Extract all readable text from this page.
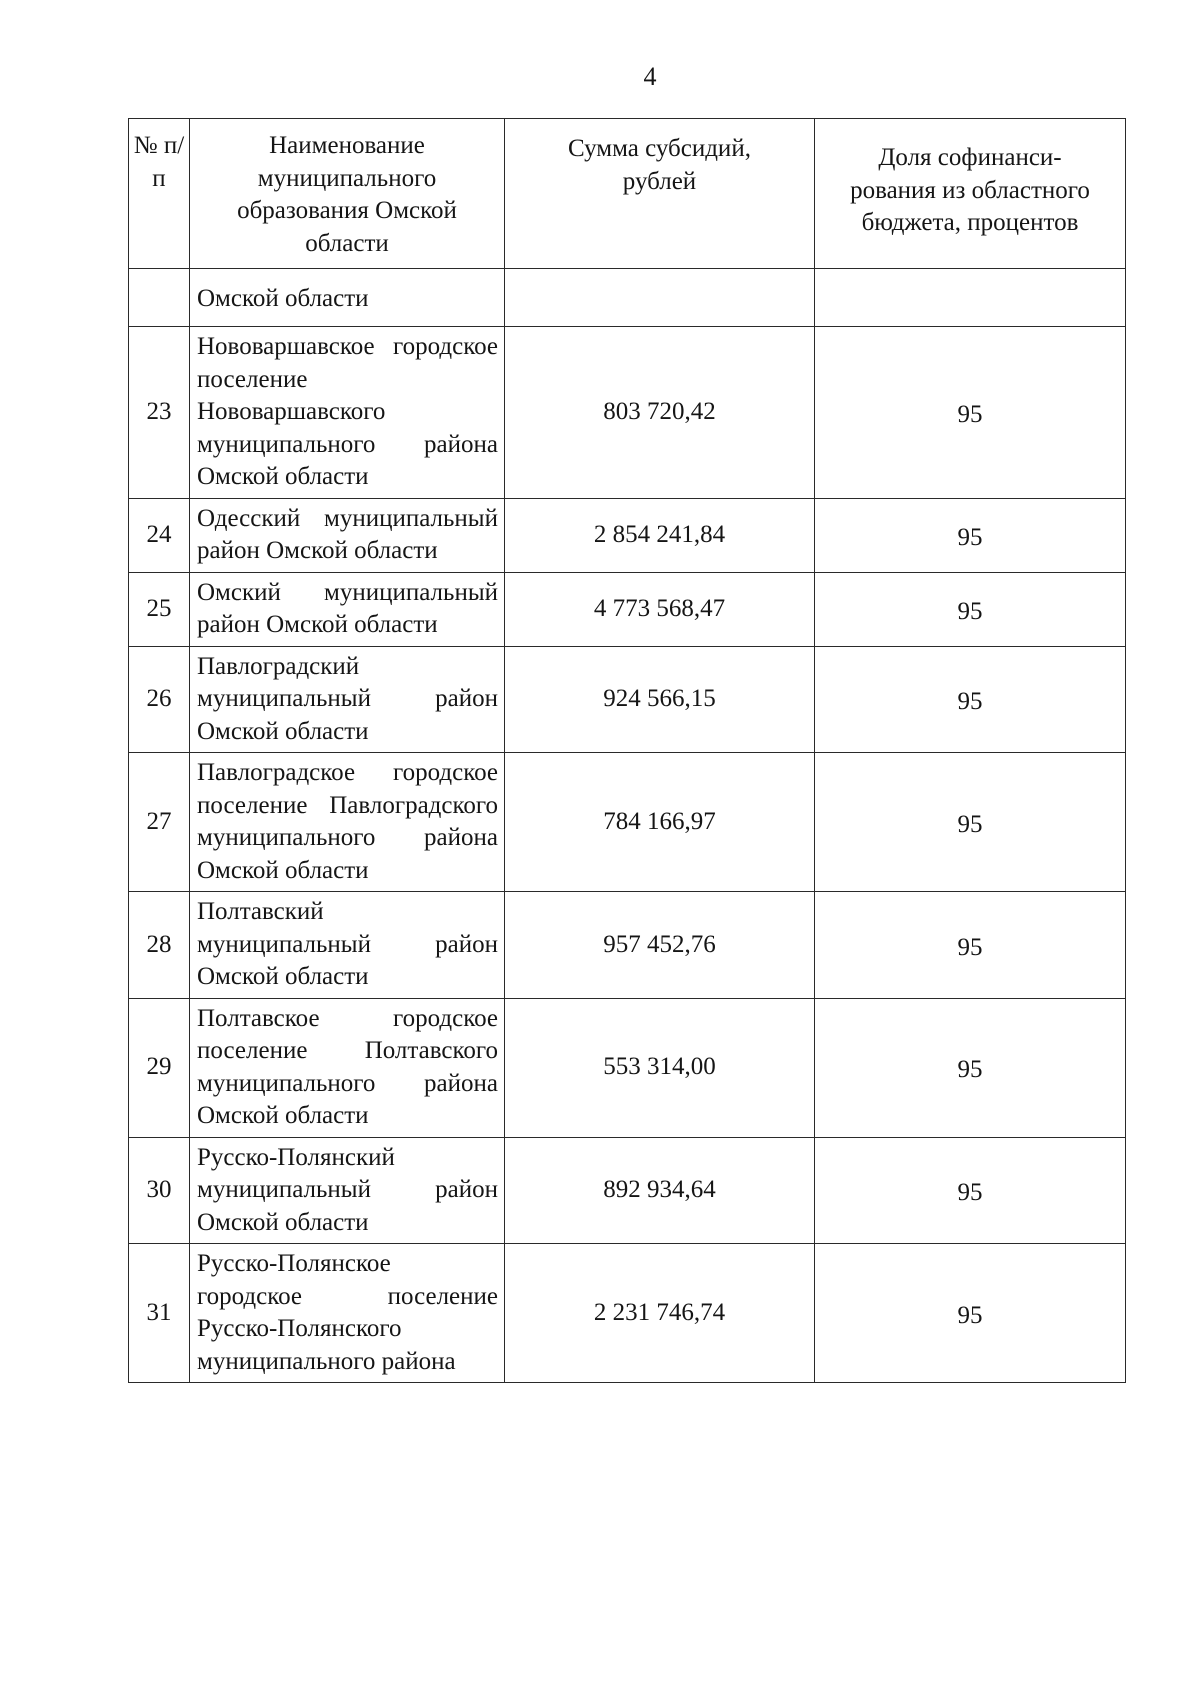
4
№ п/п	Наименование муниципального образования Омской области	Сумма субсидий, рублей	Доля софинанси- рования из областного бюджета, процентов
	Омской области		
23	Нововаршавское городское поселение Нововаршавского муниципального района Омской области	803 720,42	95
24	Одесский муниципальный район Омской области	2 854 241,84	95
25	Омский муниципальный район Омской области	4 773 568,47	95
26	Павлоградский муниципальный район Омской области	924 566,15	95
27	Павлоградское городское поселение Павлоградского муниципального района Омской области	784 166,97	95
28	Полтавский муниципальный район Омской области	957 452,76	95
29	Полтавское городское поселение Полтавского муниципального района Омской области	553 314,00	95
30	Русско-Полянский муниципальный район Омской области	892 934,64	95
31	Русско-Полянское городское поселение Русско-Полянского муниципального района	2 231 746,74	95
